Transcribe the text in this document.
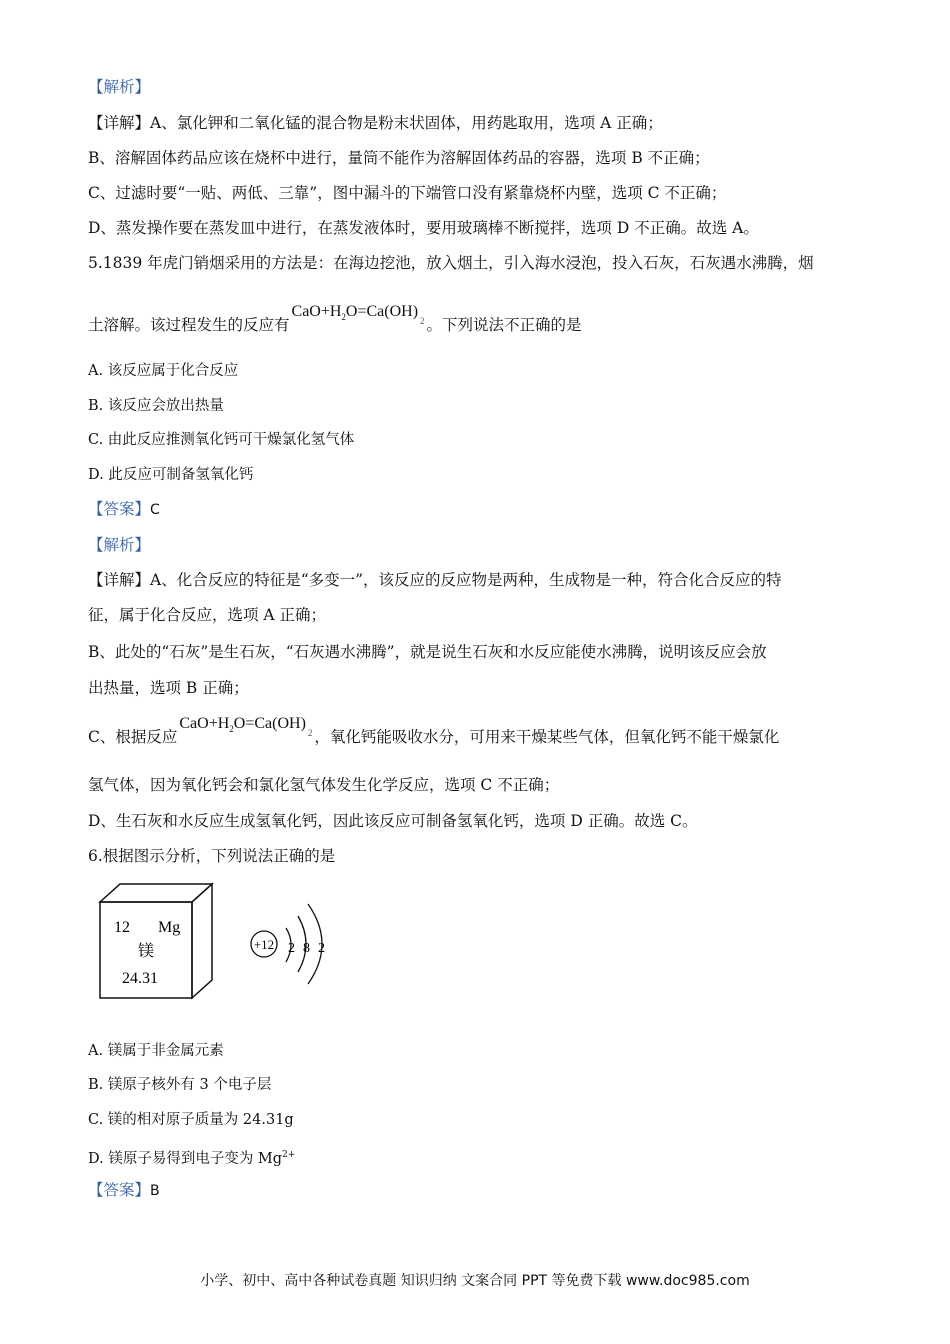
【解析】
【详解】A、氯化钾和二氧化锰的混合物是粉末状固体，用药匙取用，选项 A 正确；
B、溶解固体药品应该在烧杯中进行，量筒不能作为溶解固体药品的容器，选项 B 不正确；
C、过滤时要“一贴、两低、三靠”，图中漏斗的下端管口没有紧靠烧杯内壁，选项 C 不正确；
D、蒸发操作要在蒸发皿中进行，在蒸发液体时，要用玻璃棒不断搅拌，选项 D 不正确。故选 A。
5.1839 年虎门销烟采用的方法是：在海边挖池，放入烟土，引入海水浸泡，投入石灰，石灰遇水沸腾，烟
土溶解。该过程发生的反应有$CaO+H_2O=Ca(OH)_2$ 。下列说法不正确的是
A. 该反应属于化合反应
B. 该反应会放出热量
C. 由此反应推测氧化钙可干燥氯化氢气体
D. 此反应可制备氢氧化钙
【答案】C
【解析】
【详解】A、化合反应的特征是“多变一”，该反应的反应物是两种，生成物是一种，符合化合反应的特
征，属于化合反应，选项 A 正确；
B、此处的“石灰”是生石灰，“石灰遇水沸腾”，就是说生石灰和水反应能使水沸腾，说明该反应会放
出热量，选项 B 正确；
C、根据反应$CaO+H_2O=Ca(OH)_2$ ，氧化钙能吸收水分，可用来干燥某些气体，但氧化钙不能干燥氯化
氢气体，因为氧化钙会和氯化氢气体发生化学反应，选项 C 不正确；
D、生石灰和水反应生成氢氧化钙，因此该反应可制备氢氧化钙，选项 D 正确。故选 C。
6.根据图示分析，下列说法正确的是
12 Mg
镁
24.31
+12 2 8 2
A. 镁属于非金属元素
B. 镁原子核外有 3 个电子层
C. 镁的相对原子质量为 24.31g
D. 镁原子易得到电子变为 $Mg^{2+}$
【答案】B
小学、初中、高中各种试卷真题 知识归纳 文案合同 PPT 等免费下载 www.doc985.com
